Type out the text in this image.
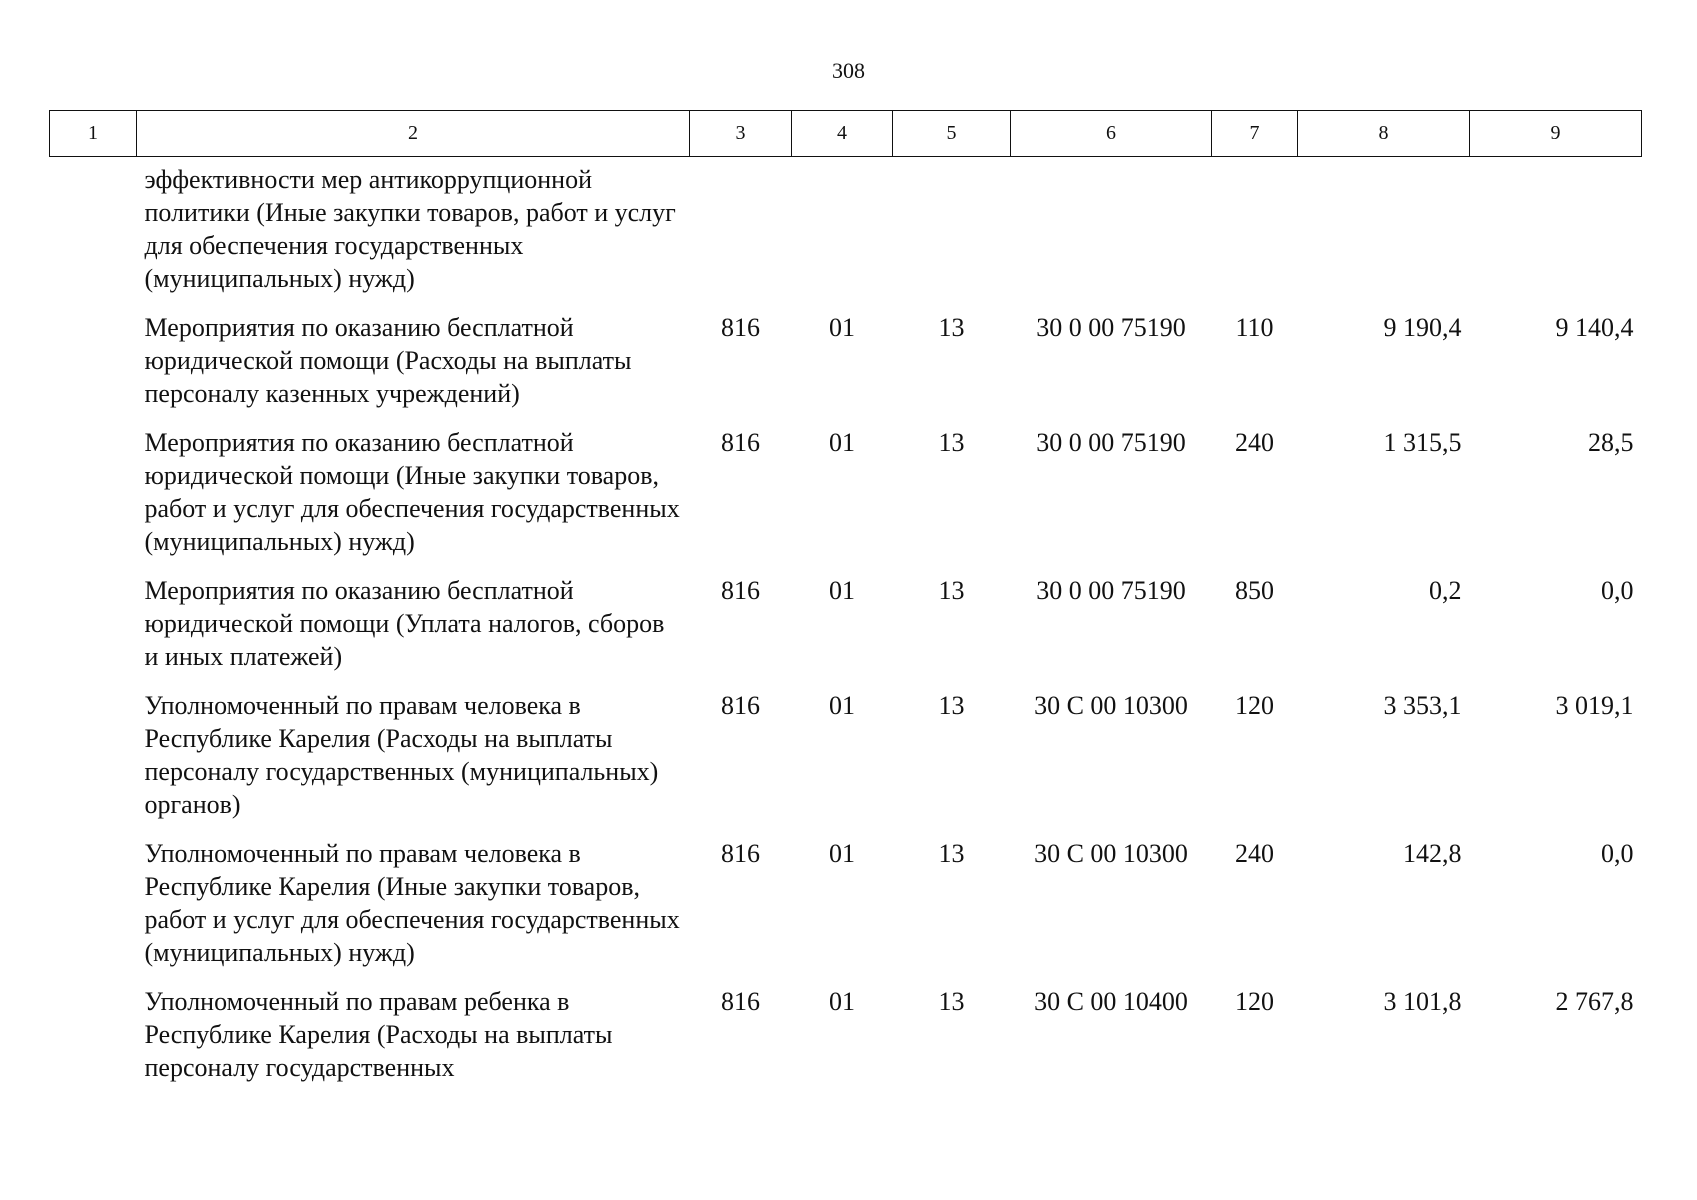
308
1	2	3	4	5	6	7	8	9
	эффективности мер антикоррупционной политики (Иные закупки товаров, работ и услуг для обеспечения государственных (муниципальных) нужд)							
	Мероприятия по оказанию бесплатной юридической помощи (Расходы на выплаты персоналу казенных учреждений)	816	01	13	30 0 00 75190	110	9 190,4	9 140,4
	Мероприятия по оказанию бесплатной юридической помощи (Иные закупки товаров, работ и услуг для обеспечения государственных (муниципальных) нужд)	816	01	13	30 0 00 75190	240	1 315,5	28,5
	Мероприятия по оказанию бесплатной юридической помощи (Уплата налогов, сборов и иных платежей)	816	01	13	30 0 00 75190	850	0,2	0,0
	Уполномоченный по правам человека в Республике Карелия (Расходы на выплаты персоналу государственных (муниципальных) органов)	816	01	13	30 С 00 10300	120	3 353,1	3 019,1
	Уполномоченный по правам человека в Республике Карелия (Иные закупки товаров, работ и услуг для обеспечения государственных (муниципальных) нужд)	816	01	13	30 С 00 10300	240	142,8	0,0
	Уполномоченный по правам ребенка в Республике Карелия (Расходы на выплаты персоналу государственных	816	01	13	30 С 00 10400	120	3 101,8	2 767,8
